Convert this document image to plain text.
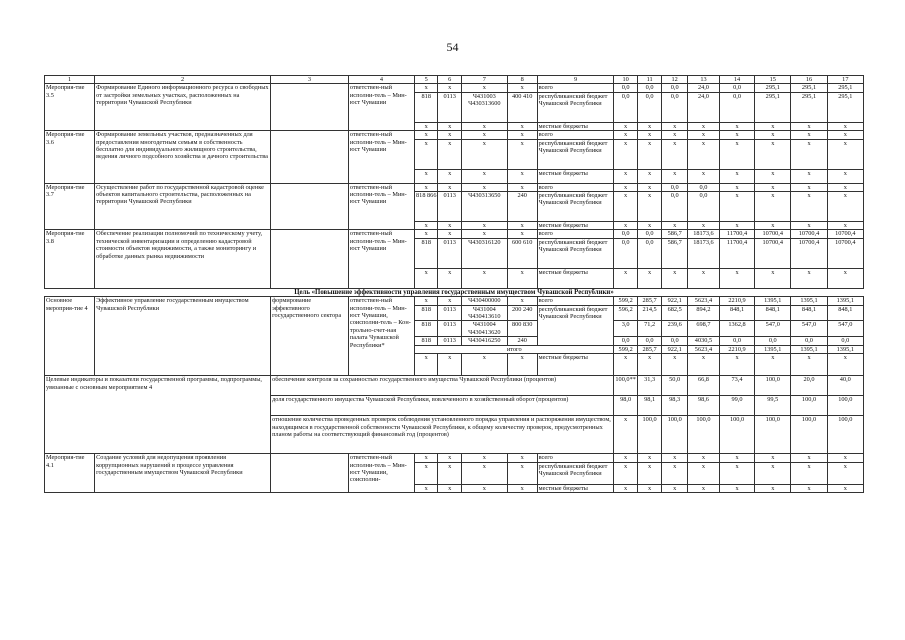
54
1	2	3	4	5	6	7	8	9	10	11	12	13	14	15	16	17
Мероприя-тие 3.5	Формирование Единого информационного ресурса о свободных от застройки земельных участках, расположенных на территории Чувашской Республики		ответствен-ный исполни-тель – Мин-юст Чувашии	x	x	x	x	всего	0,0	0,0	0,0	24,0	0,0	295,1	295,1	295,1
				818	0113	Ч431003 Ч430313600	400 410	республиканский бюджет Чувашской Республики	0,0	0,0	0,0	24,0	0,0	295,1	295,1	295,1
				x	x	x	x	местные бюджеты	x	x	x	x	x	x	x	x
Мероприя-тие 3.6	Формирование земельных участков, предназначенных для предоставления многодетным семьям в собственность бесплатно для индивидуального жилищного строительства, ведения личного подсобного хозяйства и дачного строительства		ответствен-ный исполни-тель – Мин-юст Чувашии	x	x	x	x	всего	x	x	x	x	x	x	x	x
				x	x	x	x	республиканский бюджет Чувашской Республики	x	x	x	x	x	x	x	x
				x	x	x	x	местные бюджеты	x	x	x	x	x	x	x	x
Мероприя-тие 3.7	Осуществление работ по государственной кадастровой оценке объектов капитального строительства, расположенных на территории Чувашской Республики		ответствен-ный исполни-тель – Мин-юст Чувашии	x	x	x	x	всего	x	x	0,0	0,0	x	x	x	x
				818 866	0113	Ч430313650	240	республиканский бюджет Чувашской Республики	x	x	0,0	0,0	x	x	x	x
				x	x	x	x	местные бюджеты	x	x	x	x	x	x	x	x
Мероприя-тие 3.8	Обеспечение реализации полномочий по техническому учету, технической инвентаризации и определению кадастровой стоимости объектов недвижимости, а также мониторингу и обработке данных рынка недвижимости		ответствен-ный исполни-тель – Мин-юст Чувашии	x	x	x	x	всего	0,0	0,0	586,7	18173,6	11700,4	10700,4	10700,4	10700,4
				818	0113	Ч430316120	600 610	республиканский бюджет Чувашской Республики	0,0	0,0	586,7	18173,6	11700,4	10700,4	10700,4	10700,4
				x	x	x	x	местные бюджеты	x	x	x	x	x	x	x	x
Цель «Повышение эффективности управления государственным имуществом Чувашской Республики»																
Основное мероприя-тие 4	Эффективное управление государственным имуществом Чувашской Республики	формирование эффективного государственного сектора	ответствен-ный исполни-тель – Мин-юст Чувашии, соисполни-тель – Кон-трольно-счет-ная палата Чувашской Республики*	x	x	Ч430400000	x	всего	599,2	285,7	922,1	5623,4	2210,9	1395,1	1395,1	1395,1
				818	0113	Ч431004 Ч430413610	200 240	республиканский бюджет Чувашской Республики	596,2	214,5	682,5	894,2	848,1	848,1	848,1	848,1
				818	0113	Ч431004 Ч430413620	800 830		3,0	71,2	239,6	698,7	1362,8	547,0	547,0	547,0
				818	0113	Ч430416250	240		0,0	0,0	0,0	4030,5	0,0	0,0	0,0	0,0
				итого					599,2	285,7	922,1	5623,4	2210,9	1395,1	1395,1	1395,1
				x	x	x	x	местные бюджеты	x	x	x	x	x	x	x	x
Целевые индикаторы и показатели государственной программы, подпрограммы, увязанные с основным мероприятием 4		обеспечение контроля за сохранностью государственного имущества Чувашской Республики (процентов)							100,0**	31,3	50,0	66,8	73,4	100,0	20,0	40,0
		доля государственного имущества Чувашской Республики, вовлеченного в хозяйственный оборот (процентов)							98,0	98,1	98,3	98,6	99,0	99,5	100,0	100,0
		отношение количества проведенных проверок соблюдения установленного порядка управления и распоряжения имуществом, находящимся в государственной собственности Чувашской Республики, к общему количеству проверок, предусмотренных планом работы на соответствующий финансовый год (процентов)							x	100,0	100,0	100,0	100,0	100,0	100,0	100,0
Мероприя-тие 4.1	Создание условий для недопущения проявления коррупционных нарушений в процессе управления государственным имуществом Чувашской Республики		ответствен-ный исполни-тель – Мин-юст Чувашии, соисполни-	x	x	x	x	всего	x	x	x	x	x	x	x	x
				x	x	x	x	республиканский бюджет Чувашской Республики	x	x	x	x	x	x	x	x
				x	x	x	x	местные бюджеты	x	x	x	x	x	x	x	x
